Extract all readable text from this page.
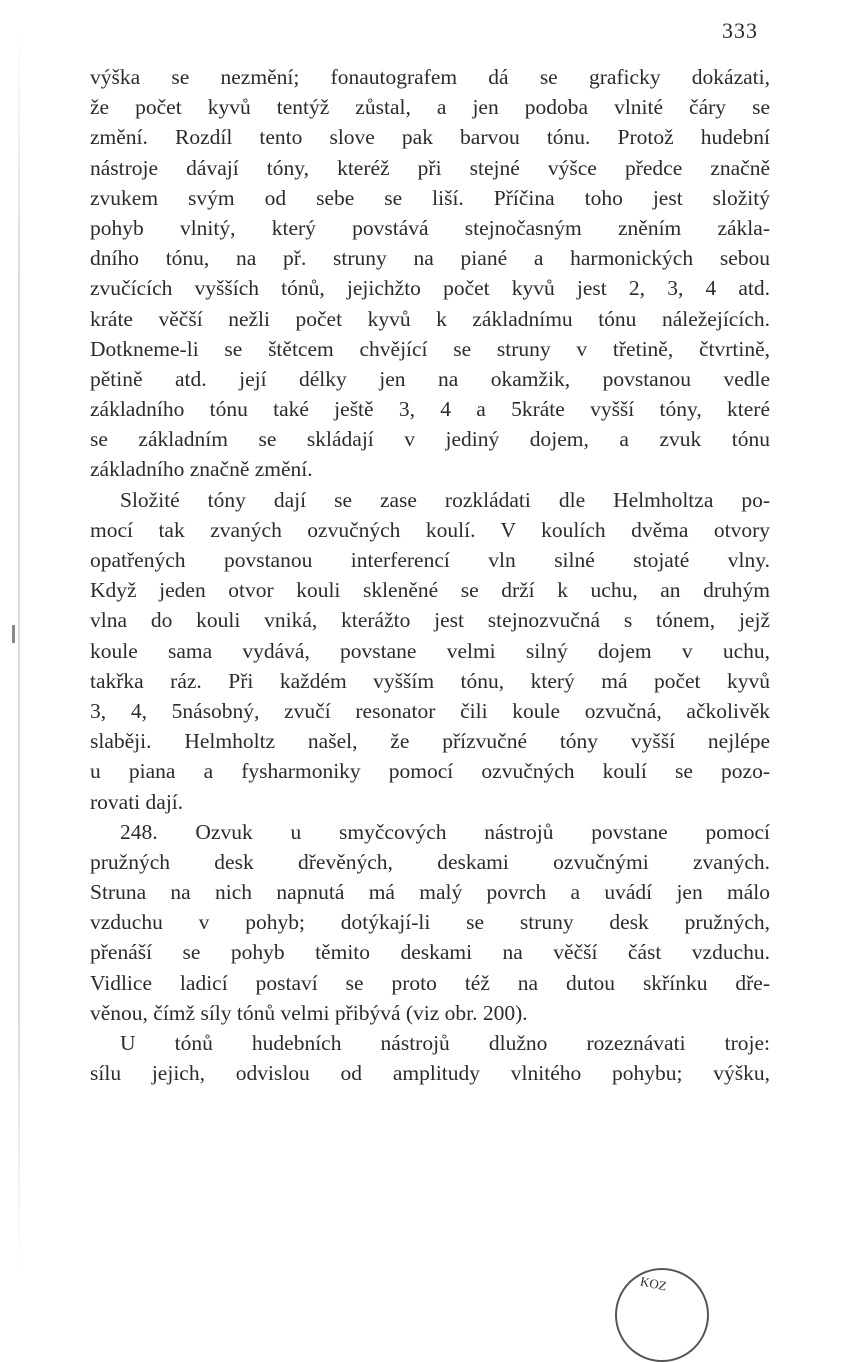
333
výška se nezmění; fonautografem dá se graficky dokázati,
že počet kyvů tentýž zůstal, a jen podoba vlnité čáry se
změní. Rozdíl tento slove pak barvou tónu. Protož hudební
nástroje dávají tóny, kteréž při stejné výšce předce značně
zvukem svým od sebe se liší. Příčina toho jest složitý
pohyb vlnitý, který povstává stejnočasným zněním zákla-
dního tónu, na př. struny na piané a harmonických sebou
zvučících vyšších tónů, jejichžto počet kyvů jest 2, 3, 4 atd.
kráte věčší nežli počet kyvů k základnímu tónu náležejících.
Dotkneme-li se štětcem chvějící se struny v třetině, čtvrtině,
pětině atd. její délky jen na okamžik, povstanou vedle
základního tónu také ještě 3, 4 a 5kráte vyšší tóny, které
se základním se skládají v jediný dojem, a zvuk tónu
základního značně změní.
Složité tóny dají se zase rozkládati dle Helmholtza po-
mocí tak zvaných ozvučných koulí. V koulích dvěma otvory
opatřených povstanou interferencí vln silné stojaté vlny.
Když jeden otvor kouli skleněné se drží k uchu, an druhým
vlna do kouli vniká, kterážto jest stejnozvučná s tónem, jejž
koule sama vydává, povstane velmi silný dojem v uchu,
takřka ráz. Při každém vyšším tónu, který má počet kyvů
3, 4, 5násobný, zvučí resonator čili koule ozvučná, ačkolivěk
slaběji. Helmholtz našel, že přízvučné tóny vyšší nejlépe
u piana a fysharmoniky pomocí ozvučných koulí se pozo-
rovati dají.
248. Ozvuk u smyčcových nástrojů povstane pomocí
pružných desk dřevěných, deskami ozvučnými zvaných.
Struna na nich napnutá má malý povrch a uvádí jen málo
vzduchu v pohyb; dotýkají-li se struny desk pružných,
přenáší se pohyb těmito deskami na věčší část vzduchu.
Vidlice ladicí postaví se proto též na dutou skřínku dře-
věnou, čímž síly tónů velmi přibývá (viz obr. 200).
U tónů hudebních nástrojů dlužno rozeznávati troje:
sílu jejich, odvislou od amplitudy vlnitého pohybu; výšku,
KOZ
